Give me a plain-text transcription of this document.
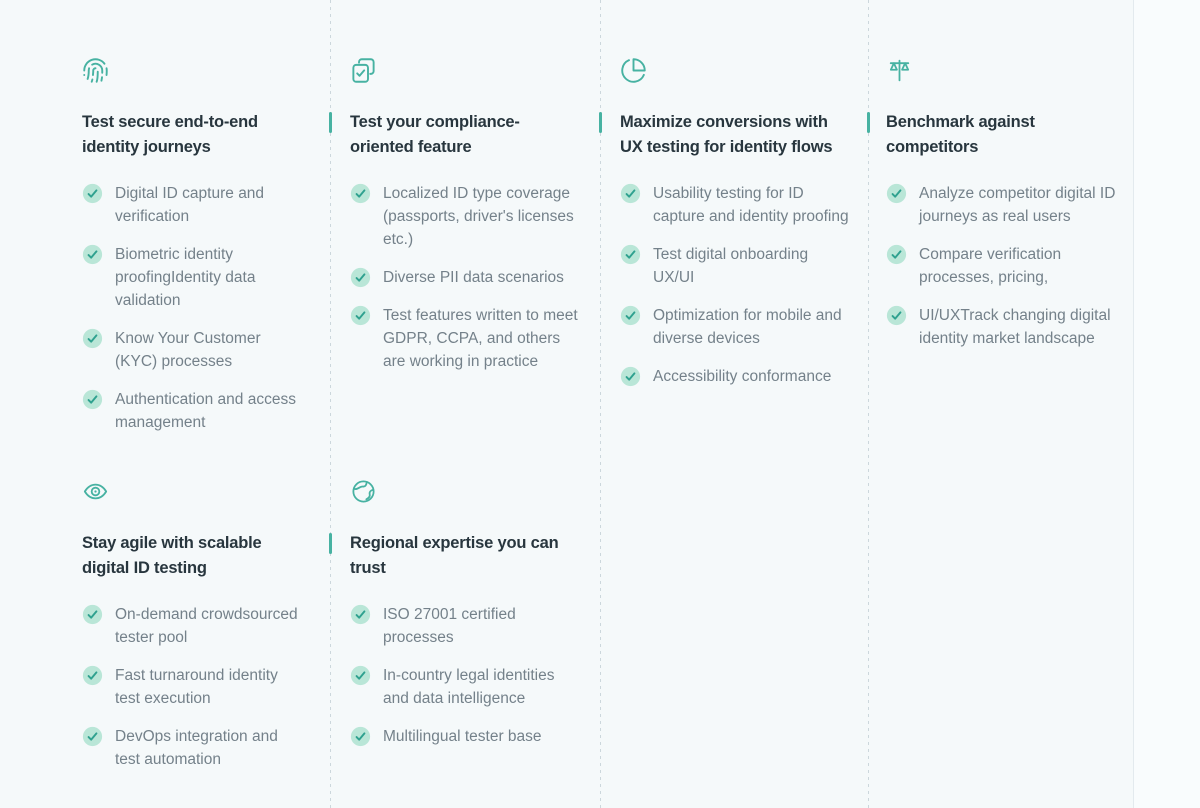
Test secure end-to-end identity journeys
Digital ID capture and verification
Biometric identity proofingIdentity data validation
Know Your Customer (KYC) processes
Authentication and access management
Test your compliance-oriented feature
Localized ID type coverage (passports, driver's licenses etc.)
Diverse PII data scenarios
Test features written to meet GDPR, CCPA, and others are working in practice
Maximize conversions with UX testing for identity flows
Usability testing for ID capture and identity proofing
Test digital onboarding UX/UI
Optimization for mobile and diverse devices
Accessibility conformance
Benchmark against competitors
Analyze competitor digital ID journeys as real users
Compare verification processes, pricing,
UI/UXTrack changing digital identity market landscape
Stay agile with scalable digital ID testing
On-demand crowdsourced tester pool
Fast turnaround identity test execution
DevOps integration and test automation
Regional expertise you can trust
ISO 27001 certified processes
In-country legal identities and data intelligence
Multilingual tester base
